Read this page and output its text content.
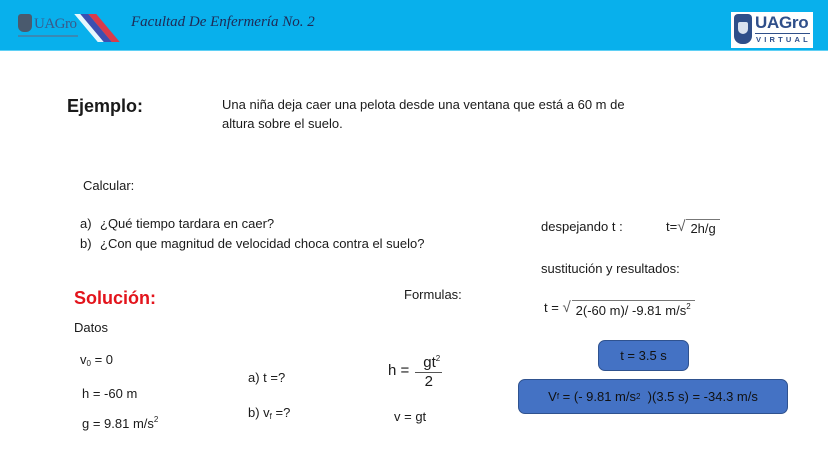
UAGro	Facultad De Enfermería No. 2	UAGro
VIRTUAL
Ejemplo:	Una niña deja caer una pelota desde una ventana que está a 60 m de altura sobre el suelo.
Calcular:
a) ¿Qué tiempo tardara en caer?
b) ¿Con que magnitud de velocidad choca contra el suelo?
Solución:	Formulas:
Datos
$v_0 = 0$
h = -60 m
g = 9.81 $m/s^2$
a) t =?
b) $v_f$ =?
$h = \frac{gt^2}{2}$
v = gt
despejando t :	t= √ 2h/g
sustitución y resultados:
t = √ 2(-60 m)/ -9.81 $m/s^2$
t = 3.5 s
V f = (- 9.81 m/s 2 )(3.5 s) = -34.3 m/s
